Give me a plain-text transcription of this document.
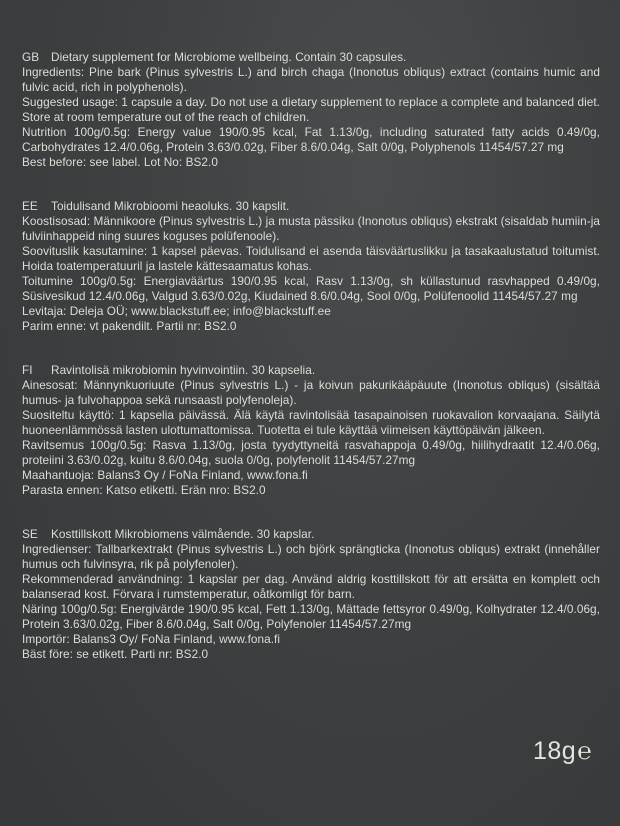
GB Dietary supplement for Microbiome wellbeing. Contain 30 capsules.

Ingredients: Pine bark (Pinus sylvestris L.) and birch chaga (Inonotus obliqus) extract (contains humic and fulvic acid, rich in polyphenols).

Suggested usage: 1 capsule a day. Do not use a dietary supplement to replace a complete and balanced diet. Store at room temperature out of the reach of children.

Nutrition 100g/0.5g: Energy value 190/0.95 kcal, Fat 1.13/0g, including saturated fatty acids 0.49/0g, Carbohydrates 12.4/0.06g, Protein 3.63/0.02g, Fiber 8.6/0.04g, Salt 0/0g, Polyphenols 11454/57.27 mg

Best before: see label. Lot No: BS2.0

EE Toidulisand Mikrobioomi heaoluks. 30 kapslit.

Koostisosad: Männikoore (Pinus sylvestris L.) ja musta pässiku (Inonotus obliqus) ekstrakt (sisaldab humiin-ja fulviinhappeid ning suures koguses polüfenoole).

Soovituslik kasutamine: 1 kapsel päevas. Toidulisand ei asenda täisväärtuslikku ja tasakaalustatud toitumist. Hoida toatemperatuuril ja lastele kättesaamatus kohas.

Toitumine 100g/0.5g: Energiaväärtus 190/0.95 kcal, Rasv 1.13/0g, sh küllastunud rasvhapped 0.49/0g, Süsivesikud 12.4/0.06g, Valgud 3.63/0.02g, Kiudained 8.6/0.04g, Sool 0/0g, Polüfenoolid 11454/57.27 mg

Levitaja: Deleja OÜ; www.blackstuff.ee; info@blackstuff.ee

Parim enne: vt pakendilt. Partii nr: BS2.0

FI Ravintolisä mikrobiomin hyvinvointiin. 30 kapselia.

Ainesosat: Männynkuoriuute (Pinus sylvestris L.) - ja koivun pakurikääpäuute (Inonotus obliqus) (sisältää humus- ja fulvohappoa sekä runsaasti polyfenoleja).

Suositeltu käyttö: 1 kapselia päivässä. Älä käytä ravintolisää tasapainoisen ruokavalion korvaajana. Säilytä huoneenlämmössä lasten ulottumattomissa. Tuotetta ei tule käyttää viimeisen käyttöpäivän jälkeen.

Ravitsemus 100g/0.5g: Rasva 1.13/0g, josta tyydyttyneitä rasvahappoja 0.49/0g, hiilihydraatit 12.4/0.06g, proteiini 3.63/0.02g, kuitu 8.6/0.04g, suola 0/0g, polyfenolit 11454/57.27mg

Maahantuoja: Balans3 Oy / FoNa Finland, www.fona.fi

Parasta ennen: Katso etiketti. Erän nro: BS2.0

SE Kosttillskott Mikrobiomens välmående. 30 kapslar.

Ingredienser: Tallbarkextrakt (Pinus sylvestris L.) och björk sprängticka (Inonotus obliqus) extrakt (innehåller humus och fulvinsyra, rik på polyfenoler).

Rekommenderad användning: 1 kapslar per dag. Använd aldrig kosttillskott för att ersätta en komplett och balanserad kost. Förvara i rumstemperatur, oåtkomligt för barn.

Näring 100g/0.5g: Energivärde 190/0.95 kcal, Fett 1.13/0g, Mättade fettsyror 0.49/0g, Kolhydrater 12.4/0.06g, Protein 3.63/0.02g, Fiber 8.6/0.04g, Salt 0/0g, Polyfenoler 11454/57.27mg

Importör: Balans3 Oy/ FoNa Finland, www.fona.fi

Bäst före: se etikett. Parti nr: BS2.0

18g℮
